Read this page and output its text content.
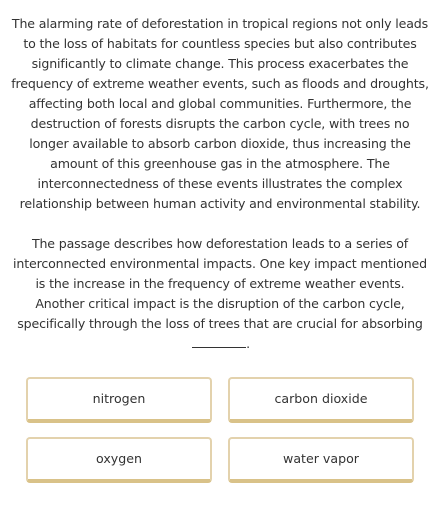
The alarming rate of deforestation in tropical regions not only leads to the loss of habitats for countless species but also contributes significantly to climate change. This process exacerbates the frequency of extreme weather events, such as floods and droughts, affecting both local and global communities. Furthermore, the destruction of forests disrupts the carbon cycle, with trees no longer available to absorb carbon dioxide, thus increasing the amount of this greenhouse gas in the atmosphere. The interconnectedness of these events illustrates the complex relationship between human activity and environmental stability.

The passage describes how deforestation leads to a series of interconnected environmental impacts. One key impact mentioned is the increase in the frequency of extreme weather events. Another critical impact is the disruption of the carbon cycle, specifically through the loss of trees that are crucial for absorbing.

nitrogen	carbon dioxide
oxygen	water vapor
